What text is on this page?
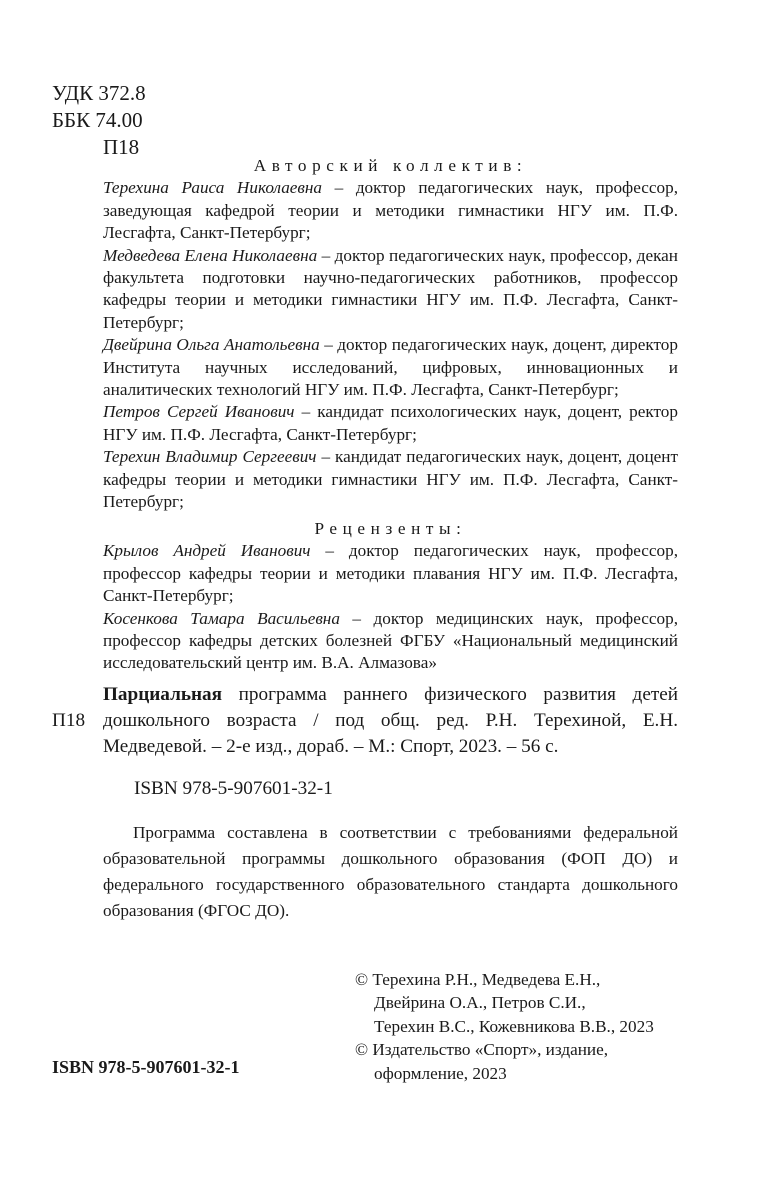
УДК 372.8
ББК 74.00
П18

Авторский коллектив:

Терехина Раиса Николаевна – доктор педагогических наук, профессор, заведующая кафедрой теории и методики гимнастики НГУ им. П.Ф. Лесгафта, Санкт-Петербург;

Медведева Елена Николаевна – доктор педагогических наук, профессор, декан факультета подготовки научно-педагогических работников, профессор кафедры теории и методики гимнастики НГУ им. П.Ф. Лесгафта, Санкт-Петербург;

Двейрина Ольга Анатольевна – доктор педагогических наук, доцент, директор Института научных исследований, цифровых, инновационных и аналитических технологий НГУ им. П.Ф. Лесгафта, Санкт-Петербург;

Петров Сергей Иванович – кандидат психологических наук, доцент, ректор НГУ им. П.Ф. Лесгафта, Санкт-Петербург;

Терехин Владимир Сергеевич – кандидат педагогических наук, доцент, доцент кафедры теории и методики гимнастики НГУ им. П.Ф. Лесгафта, Санкт-Петербург;

Рецензенты:

Крылов Андрей Иванович – доктор педагогических наук, профессор, профессор кафедры теории и методики плавания НГУ им. П.Ф. Лесгафта, Санкт-Петербург;

Косенкова Тамара Васильевна – доктор медицинских наук, профессор, профессор кафедры детских болезней ФГБУ «Национальный медицинский исследовательский центр им. В.А. Алмазова»

П18
Парциальная программа раннего физического развития детей дошкольного возраста / под общ. ред. Р.Н. Терехиной, Е.Н. Медведевой. – 2-е изд., дораб. – М.: Спорт, 2023. – 56 с.
ISBN 978-5-907601-32-1

Программа составлена в соответствии с требованиями федеральной образовательной программы дошкольного образования (ФОП ДО) и федерального государственного образовательного стандарта дошкольного образования (ФГОС ДО).

© Терехина Р.Н., Медведева Е.Н.,
Двейрина О.А., Петров С.И.,
Терехин В.С., Кожевникова В.В., 2023
© Издательство «Спорт», издание,
оформление, 2023
ISBN 978-5-907601-32-1
